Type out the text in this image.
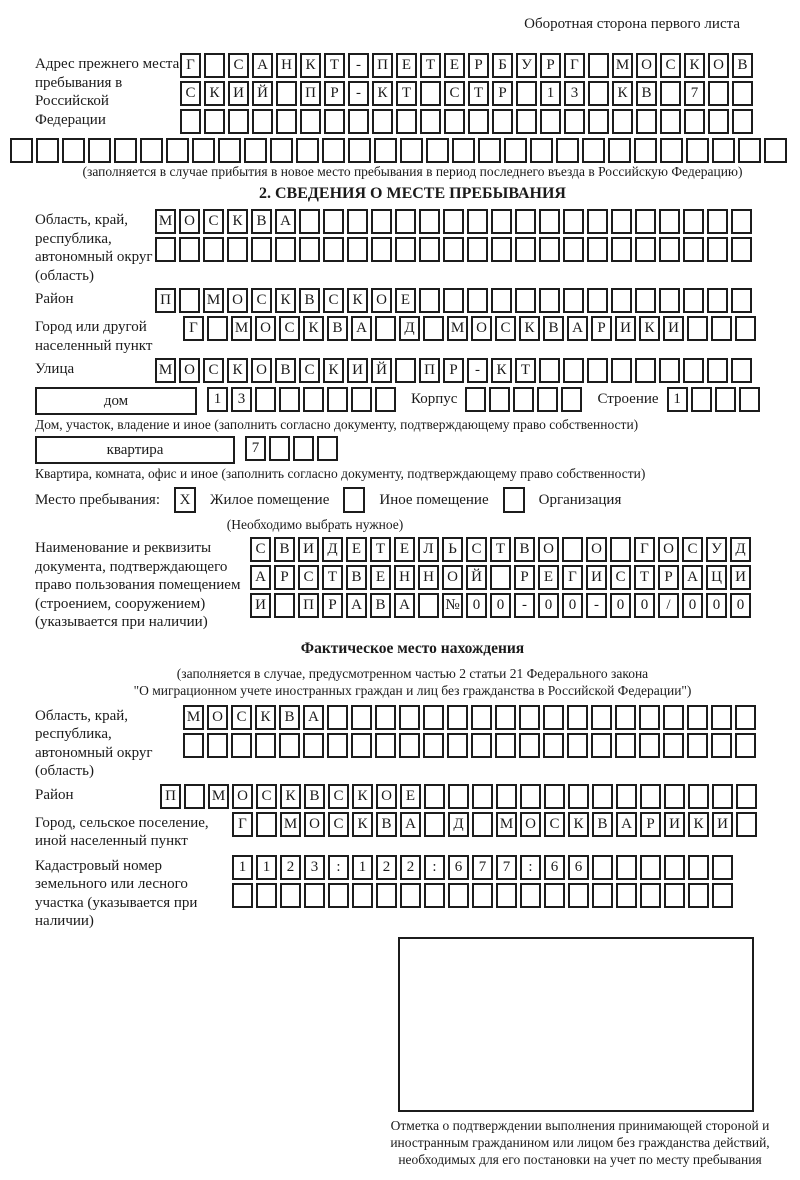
Оборотная сторона первого листа
Адрес прежнего места пребывания в Российской Федерации
Г	С А Н К Т	-	П Е Т Е	Р	Б У Р	Г	М О С К О В
С К И Й	П Р	-	К Т	С Т	Р	1	3	К В	7
(заполняется в случае прибытия в новое место пребывания в период последнего въезда в Российскую Федерацию)
2. СВЕДЕНИЯ О МЕСТЕ ПРЕБЫВАНИЯ
Область, край, республика, автономный округ (область)
М О С К В А
Район	П	М О С К В С К О Е
Город или другой населенный пункт
Г	М О С К В А	Д	М О С К В А Р И К И
Улица	М О С К О В С К И Й	П Р	-	К Т
дом	1	3	Корпус	Строение 1
Дом, участок, владение и иное (заполнить согласно документу, подтверждающему право собственности)
квартира	7
Квартира, комната, офис и иное (заполнить согласно документу, подтверждающему право собственности)
Место пребывания: X Жилое помещение	Иное помещение	Организация
(Необходимо выбрать нужное)
Наименование и реквизиты документа, подтверждающего право пользования помещением (строением, сооружением) (указывается при наличии)
С В И Д Е Т Е Л Ь С Т В О	О	Г О С У Д
А Р С Т В Е Н Н О Й	Р	Е	Г И С Т	Р А Ц И
И	П Р А В А	№ 0	0	-	0	0	-	0	0	/	0	0	0
Фактическое место нахождения
(заполняется в случае, предусмотренном частью 2 статьи 21 Федерального закона
"О миграционном учете иностранных граждан и лиц без гражданства в Российской Федерации")
Область, край, республика, автономный округ (область)
М О С К В А
Район	П	М О С К В С К О Е
Город, сельское поселение, иной населенный пункт
Г	М О С К В А	Д	М О С К В А Р И К И
Кадастровый номер земельного или лесного участка (указывается при наличии)
1	1	2	3	:	1	2	2	:	6	7	7	:	6	6
Отметка о подтверждении выполнения принимающей стороной и иностранным гражданином или лицом без гражданства действий, необходимых для его постановки на учет по месту пребывания
